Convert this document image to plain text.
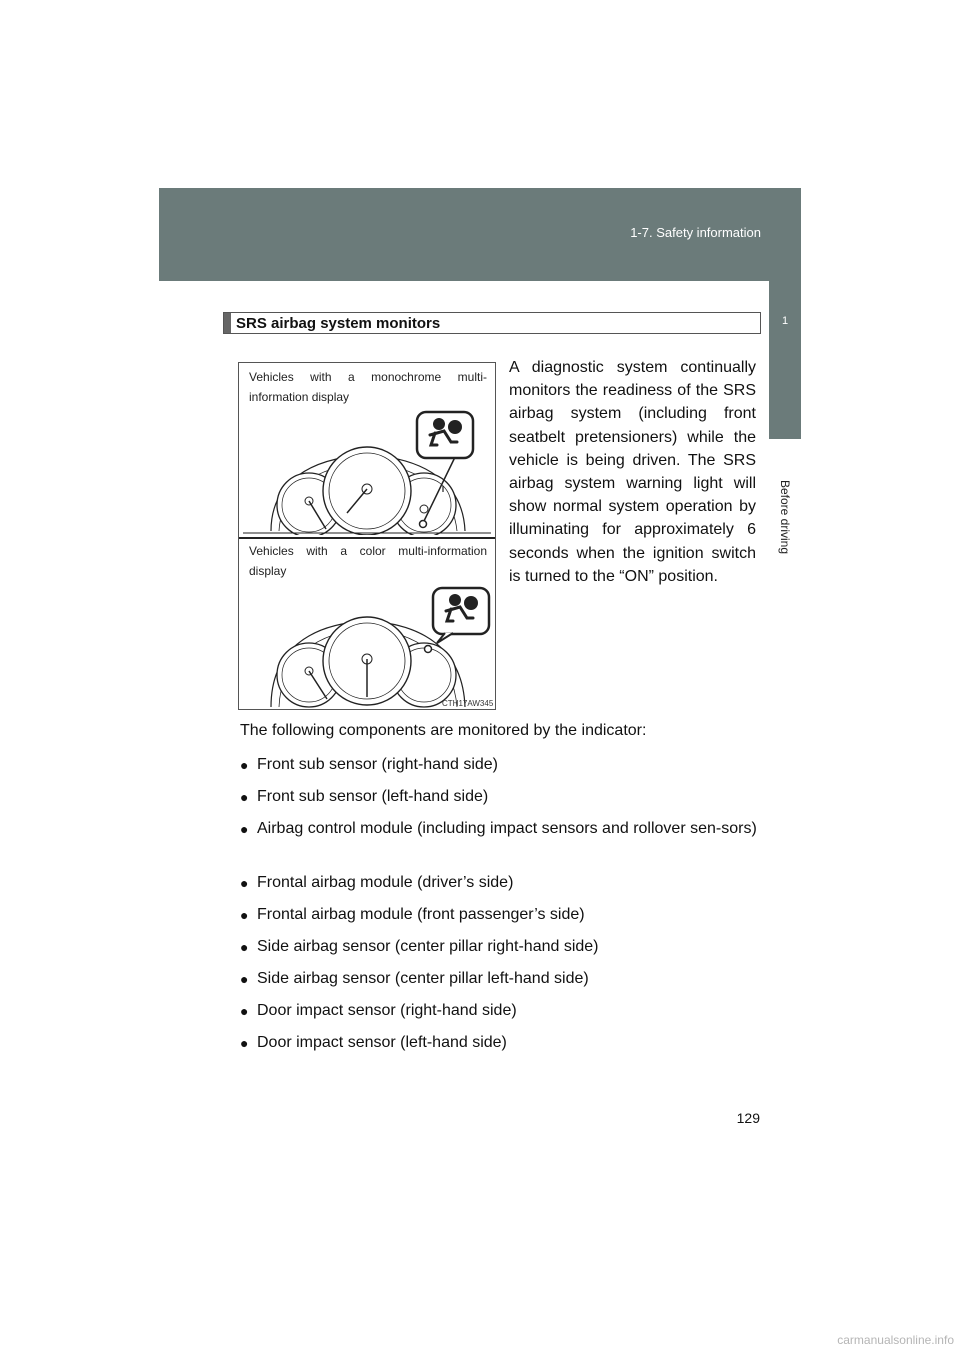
1-7. Safety information
1
Before driving
SRS airbag system monitors
Vehicles with a monochrome multi-information display
Vehicles with a color multi-information display
CTH17AW345
A diagnostic system continually monitors the readiness of the SRS airbag system (including front seatbelt pretensioners) while the vehicle is being driven. The SRS airbag system warning light will show normal system operation by illuminating for approximately 6 seconds when the ignition switch is turned to the “ON” position.
The following components are monitored by the indicator:
● Front sub sensor (right-hand side)
● Front sub sensor (left-hand side)
● Airbag control module (including impact sensors and rollover sen-sors)
● Frontal airbag module (driver’s side)
● Frontal airbag module (front passenger’s side)
● Side airbag sensor (center pillar right-hand side)
● Side airbag sensor (center pillar left-hand side)
● Door impact sensor (right-hand side)
● Door impact sensor (left-hand side)
129
carmanualsonline.info
